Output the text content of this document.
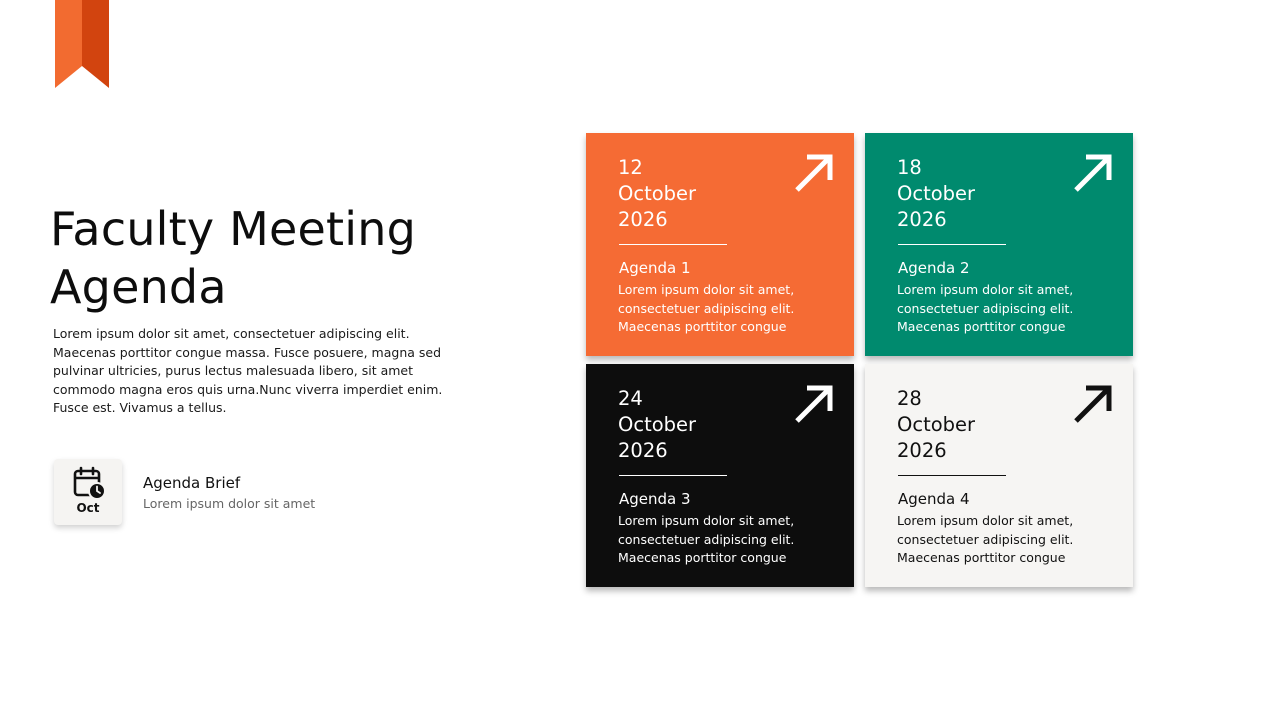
Faculty Meeting
Agenda

Lorem ipsum dolor sit amet, consectetuer adipiscing elit. Maecenas porttitor congue massa. Fusce posuere, magna sed pulvinar ultricies, purus lectus malesuada libero, sit amet commodo magna eros quis urna.Nunc viverra imperdiet enim. Fusce est. Vivamus a tellus.

Oct
Agenda Brief
Lorem ipsum dolor sit amet
12
October
2026
Agenda 1
Lorem ipsum dolor sit amet, consectetuer adipiscing elit. Maecenas porttitor congue
18
October
2026
Agenda 2
Lorem ipsum dolor sit amet, consectetuer adipiscing elit. Maecenas porttitor congue
24
October
2026
Agenda 3
Lorem ipsum dolor sit amet, consectetuer adipiscing elit. Maecenas porttitor congue
28
October
2026
Agenda 4
Lorem ipsum dolor sit amet, consectetuer adipiscing elit. Maecenas porttitor congue
